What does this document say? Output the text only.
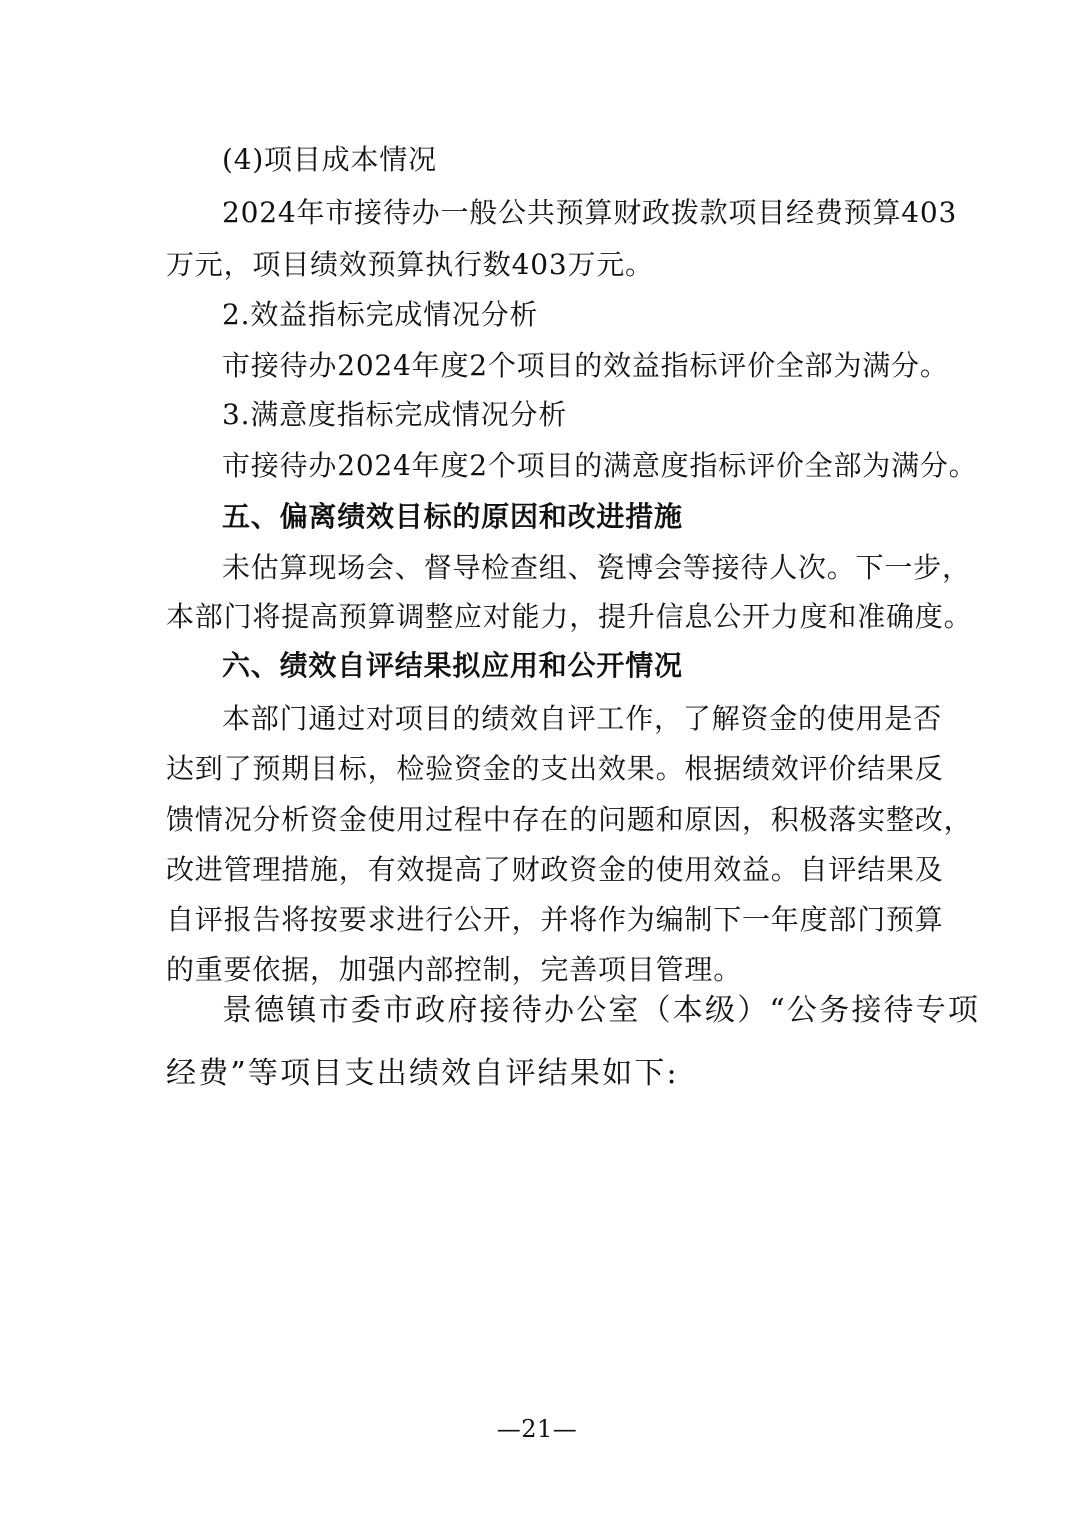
(4)项目成本情况
2024年市接待办一般公共预算财政拨款项目经费预算403
万元，项目绩效预算执行数403万元。
2.效益指标完成情况分析
市接待办2024年度2个项目的效益指标评价全部为满分。
3.满意度指标完成情况分析
市接待办2024年度2个项目的满意度指标评价全部为满分。
五、偏离绩效目标的原因和改进措施
未估算现场会、督导检查组、瓷博会等接待人次。下一步，
本部门将提高预算调整应对能力，提升信息公开力度和准确度。
六、绩效自评结果拟应用和公开情况
本部门通过对项目的绩效自评工作，了解资金的使用是否
达到了预期目标，检验资金的支出效果。根据绩效评价结果反
馈情况分析资金使用过程中存在的问题和原因，积极落实整改，
改进管理措施，有效提高了财政资金的使用效益。自评结果及
自评报告将按要求进行公开，并将作为编制下一年度部门预算
的重要依据，加强内部控制，完善项目管理。
景德镇市委市政府接待办公室（本级）“公务接待专项
经费”等项目支出绩效自评结果如下:
—21—
